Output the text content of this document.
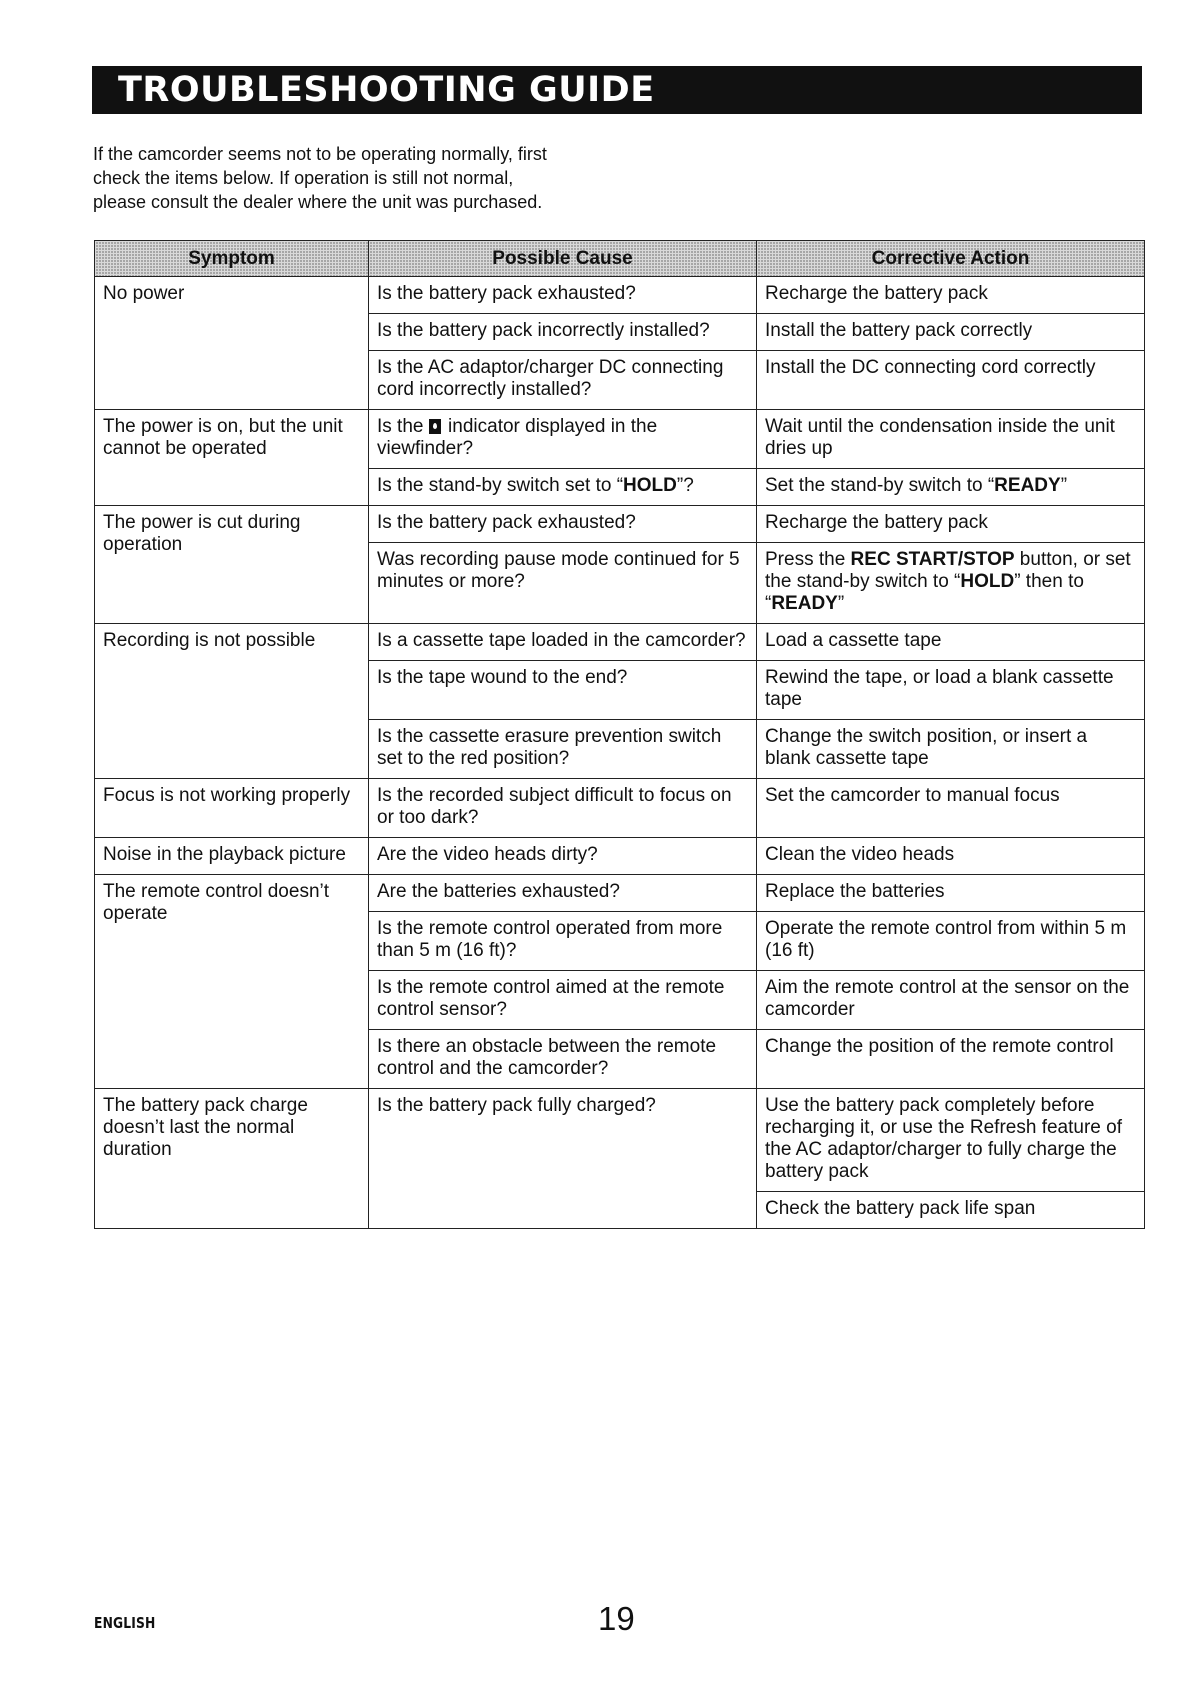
TROUBLESHOOTING GUIDE

If the camcorder seems not to be operating normally, first
check the items below. If operation is still not normal,
please consult the dealer where the unit was purchased.

Symptom	Possible Cause	Corrective Action
No power	Is the battery pack exhausted?	Recharge the battery pack
	Is the battery pack incorrectly installed?	Install the battery pack correctly
	Is the AC adaptor/charger DC connecting cord incorrectly installed?	Install the DC connecting cord correctly
The power is on, but the unit cannot be operated	Is the indicator displayed in the viewfinder?	Wait until the condensation inside the unit dries up
	Is the stand-by switch set to “HOLD”?	Set the stand-by switch to “READY”
The power is cut during operation	Is the battery pack exhausted?	Recharge the battery pack
	Was recording pause mode continued for 5 minutes or more?	Press the REC START/STOP button, or set the stand-by switch to “HOLD” then to “READY”
Recording is not possible	Is a cassette tape loaded in the camcorder?	Load a cassette tape
	Is the tape wound to the end?	Rewind the tape, or load a blank cassette tape
	Is the cassette erasure prevention switch set to the red position?	Change the switch position, or insert a blank cassette tape
Focus is not working properly	Is the recorded subject difficult to focus on or too dark?	Set the camcorder to manual focus
Noise in the playback picture	Are the video heads dirty?	Clean the video heads
The remote control doesn’t operate	Are the batteries exhausted?	Replace the batteries
	Is the remote control operated from more than 5 m (16 ft)?	Operate the remote control from within 5 m (16 ft)
	Is the remote control aimed at the remote control sensor?	Aim the remote control at the sensor on the camcorder
	Is there an obstacle between the remote control and the camcorder?	Change the position of the remote control
The battery pack charge doesn’t last the normal duration	Is the battery pack fully charged?	Use the battery pack completely before recharging it, or use the Refresh feature of the AC adaptor/charger to fully charge the battery pack
		Check the battery pack life span
ENGLISH	19
